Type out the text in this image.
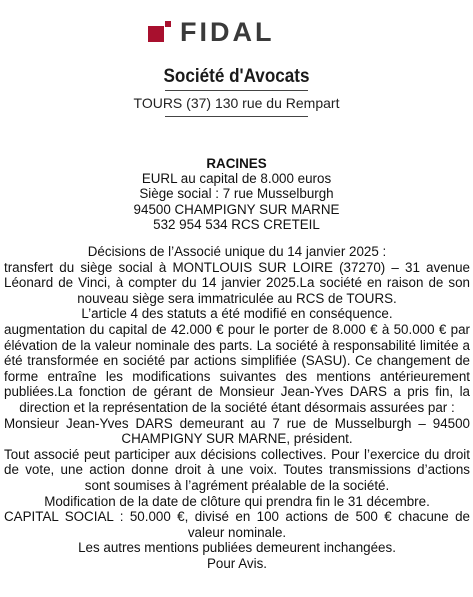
FIDAL
Société d'Avocats
TOURS (37) 130 rue du Rempart
RACINES
EURL au capital de 8.000 euros
Siège social : 7 rue Musselburgh
94500 CHAMPIGNY SUR MARNE
532 954 534 RCS CRETEIL

Décisions de l’Associé unique du 14 janvier 2025 :

transfert du siège social à MONTLOUIS SUR LOIRE (37270) – 31 avenue Léonard de Vinci, à compter du 14 janvier 2025.La société en raison de son nouveau siège sera immatriculée au RCS de TOURS.

L’article 4 des statuts a été modifié en conséquence.

augmentation du capital de 42.000 € pour le porter de 8.000 € à 50.000 € par élévation de la valeur nominale des parts. La société à responsabilité limitée a été transformée en société par actions simplifiée (SASU). Ce changement de forme entraîne les modifications suivantes des mentions antérieurement publiées.La fonction de gérant de Monsieur Jean-Yves DARS a pris fin, la direction et la représentation de la société étant désormais assurées par :

Monsieur Jean-Yves DARS demeurant au 7 rue de Musselburgh – 94500 CHAMPIGNY SUR MARNE, président.

Tout associé peut participer aux décisions collectives. Pour l’exercice du droit de vote, une action donne droit à une voix. Toutes transmissions d’actions sont soumises à l’agrément préalable de la société.

Modification de la date de clôture qui prendra fin le 31 décembre.

CAPITAL SOCIAL : 50.000 €, divisé en 100 actions de 500 € chacune de valeur nominale.

Les autres mentions publiées demeurent inchangées.

Pour Avis.
